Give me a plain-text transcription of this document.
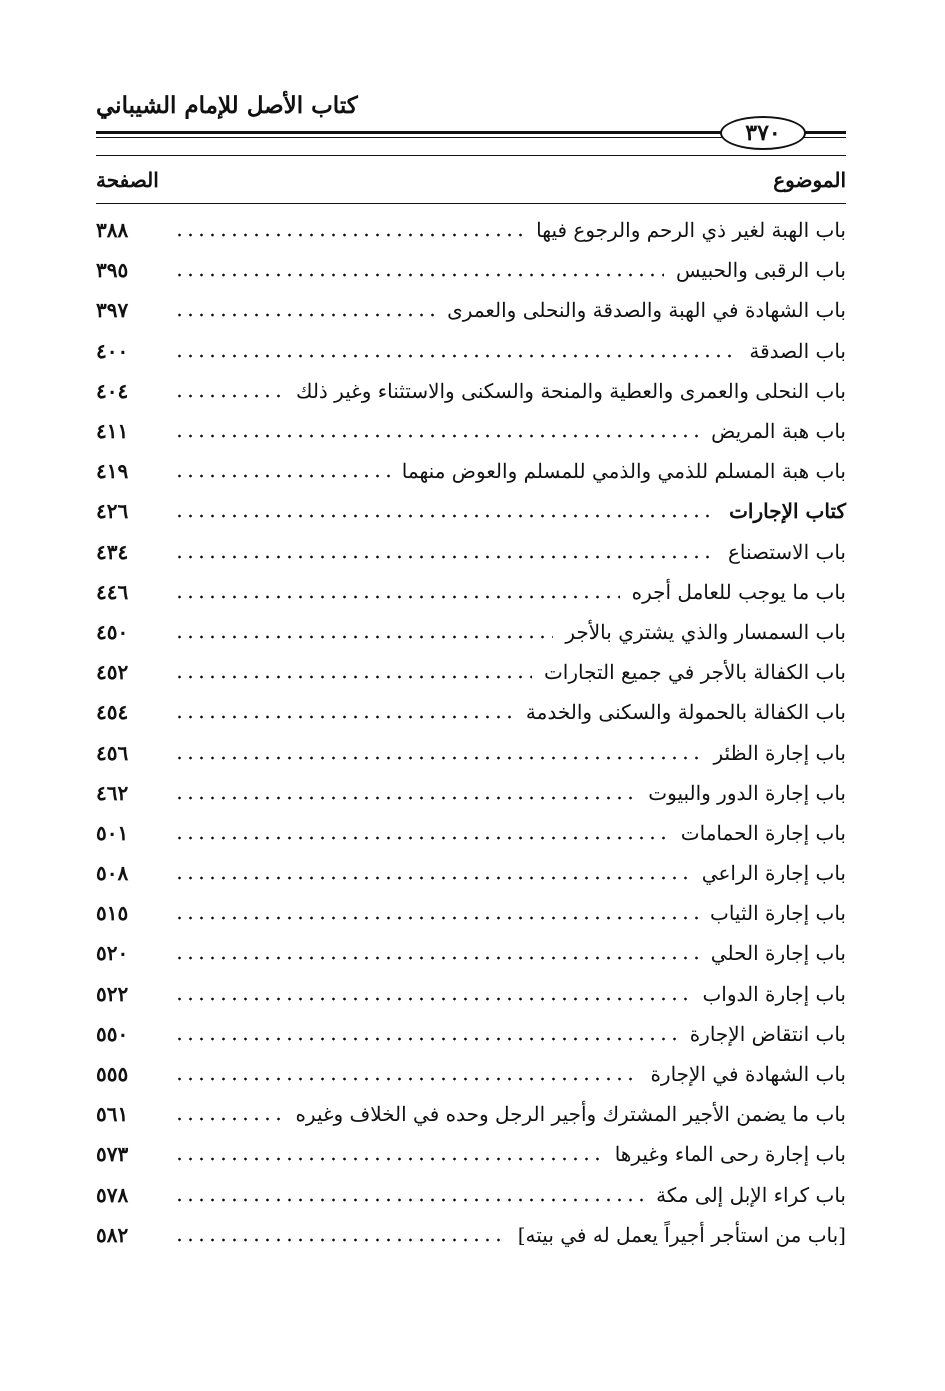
كتاب الأصل للإمام الشيباني
٣٧٠
الموضوع
الصفحة
باب الهبة لغير ذي الرحم والرجوع فيها
٣٨٨
باب الرقبى والحبيس
٣٩٥
باب الشهادة في الهبة والصدقة والنحلى والعمرى
٣٩٧
باب الصدقة
٤٠٠
باب النحلى والعمرى والعطية والمنحة والسكنى والاستثناء وغير ذلك
٤٠٤
باب هبة المريض
٤١١
باب هبة المسلم للذمي والذمي للمسلم والعوض منهما
٤١٩
كتاب الإجارات
٤٢٦
باب الاستصناع
٤٣٤
باب ما يوجب للعامل أجره
٤٤٦
باب السمسار والذي يشتري بالأجر
٤٥٠
باب الكفالة بالأجر في جميع التجارات
٤٥٢
باب الكفالة بالحمولة والسكنى والخدمة
٤٥٤
باب إجارة الظئر
٤٥٦
باب إجارة الدور والبيوت
٤٦٢
باب إجارة الحمامات
٥٠١
باب إجارة الراعي
٥٠٨
باب إجارة الثياب
٥١٥
باب إجارة الحلي
٥٢٠
باب إجارة الدواب
٥٢٢
باب انتقاض الإجارة
٥٥٠
باب الشهادة في الإجارة
٥٥٥
باب ما يضمن الأجير المشترك وأجير الرجل وحده في الخلاف وغيره
٥٦١
باب إجارة رحى الماء وغيرها
٥٧٣
باب كراء الإبل إلى مكة
٥٧٨
[باب من استأجر أجيراً يعمل له في بيته]
٥٨٢
